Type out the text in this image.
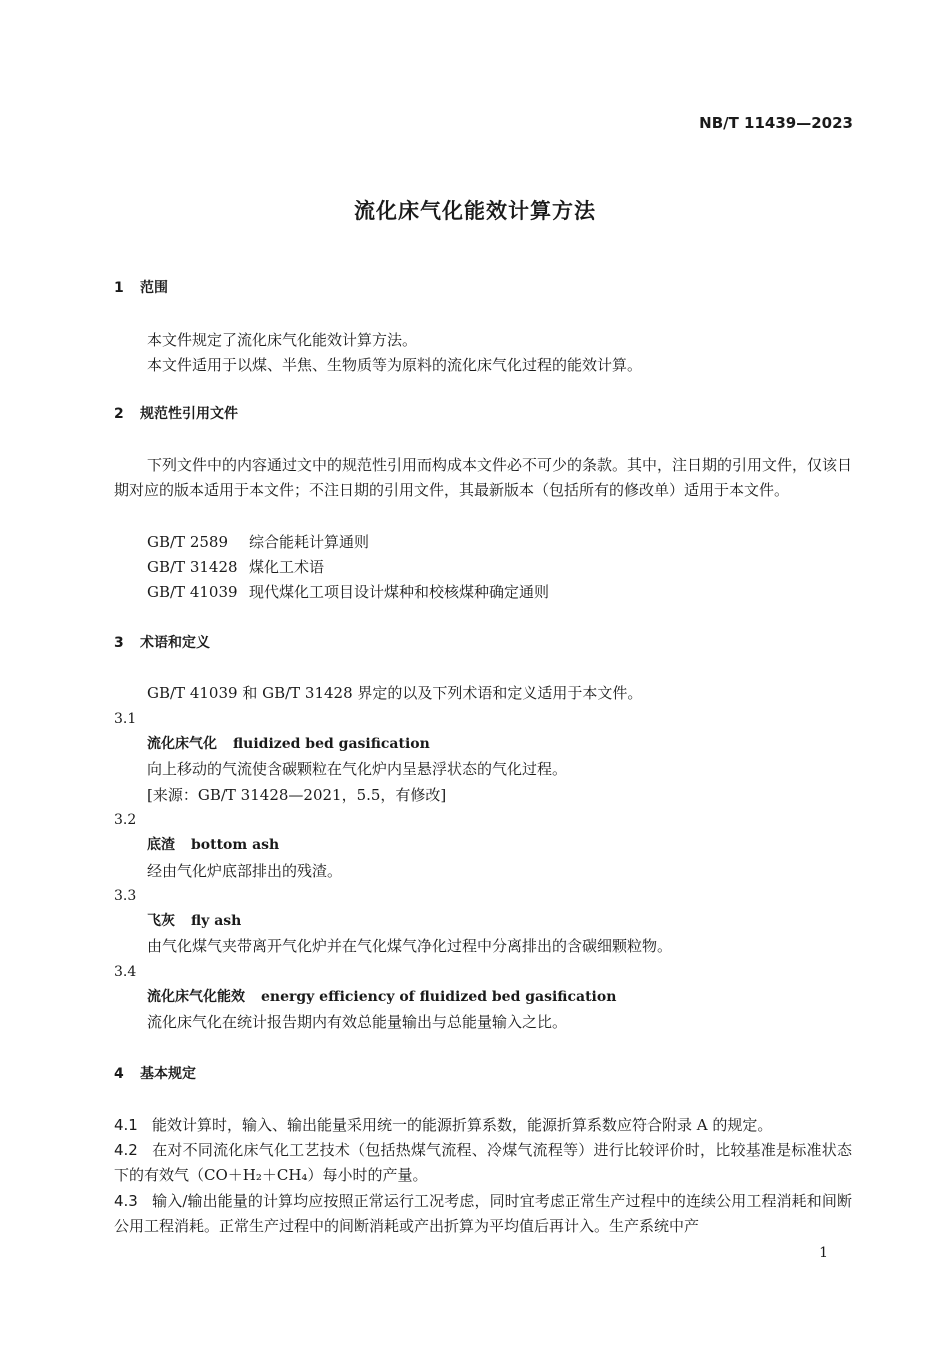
NB/T 11439—2023
流化床气化能效计算方法
1 范围
本文件规定了流化床气化能效计算方法。
本文件适用于以煤、半焦、生物质等为原料的流化床气化过程的能效计算。
2 规范性引用文件
下列文件中的内容通过文中的规范性引用而构成本文件必不可少的条款。其中，注日期的引用文件，仅该日期对应的版本适用于本文件；不注日期的引用文件，其最新版本（包括所有的修改单）适用于本文件。
GB/T 2589 综合能耗计算通则
GB/T 31428 煤化工术语
GB/T 41039 现代煤化工项目设计煤种和校核煤种确定通则
3 术语和定义
GB/T 41039 和 GB/T 31428 界定的以及下列术语和定义适用于本文件。
3.1
流化床气化 fluidized bed gasification
向上移动的气流使含碳颗粒在气化炉内呈悬浮状态的气化过程。
[来源：GB/T 31428—2021，5.5，有修改]
3.2
底渣 bottom ash
经由气化炉底部排出的残渣。
3.3
飞灰 fly ash
由气化煤气夹带离开气化炉并在气化煤气净化过程中分离排出的含碳细颗粒物。
3.4
流化床气化能效 energy efficiency of fluidized bed gasification
流化床气化在统计报告期内有效总能量输出与总能量输入之比。
4 基本规定
4.1 能效计算时，输入、输出能量采用统一的能源折算系数，能源折算系数应符合附录 A 的规定。
4.2 在对不同流化床气化工艺技术（包括热煤气流程、冷煤气流程等）进行比较评价时，比较基准是标准状态下的有效气（CO＋H₂＋CH₄）每小时的产量。
4.3 输入/输出能量的计算均应按照正常运行工况考虑，同时宜考虑正常生产过程中的连续公用工程消耗和间断公用工程消耗。正常生产过程中的间断消耗或产出折算为平均值后再计入。生产系统中产
1
